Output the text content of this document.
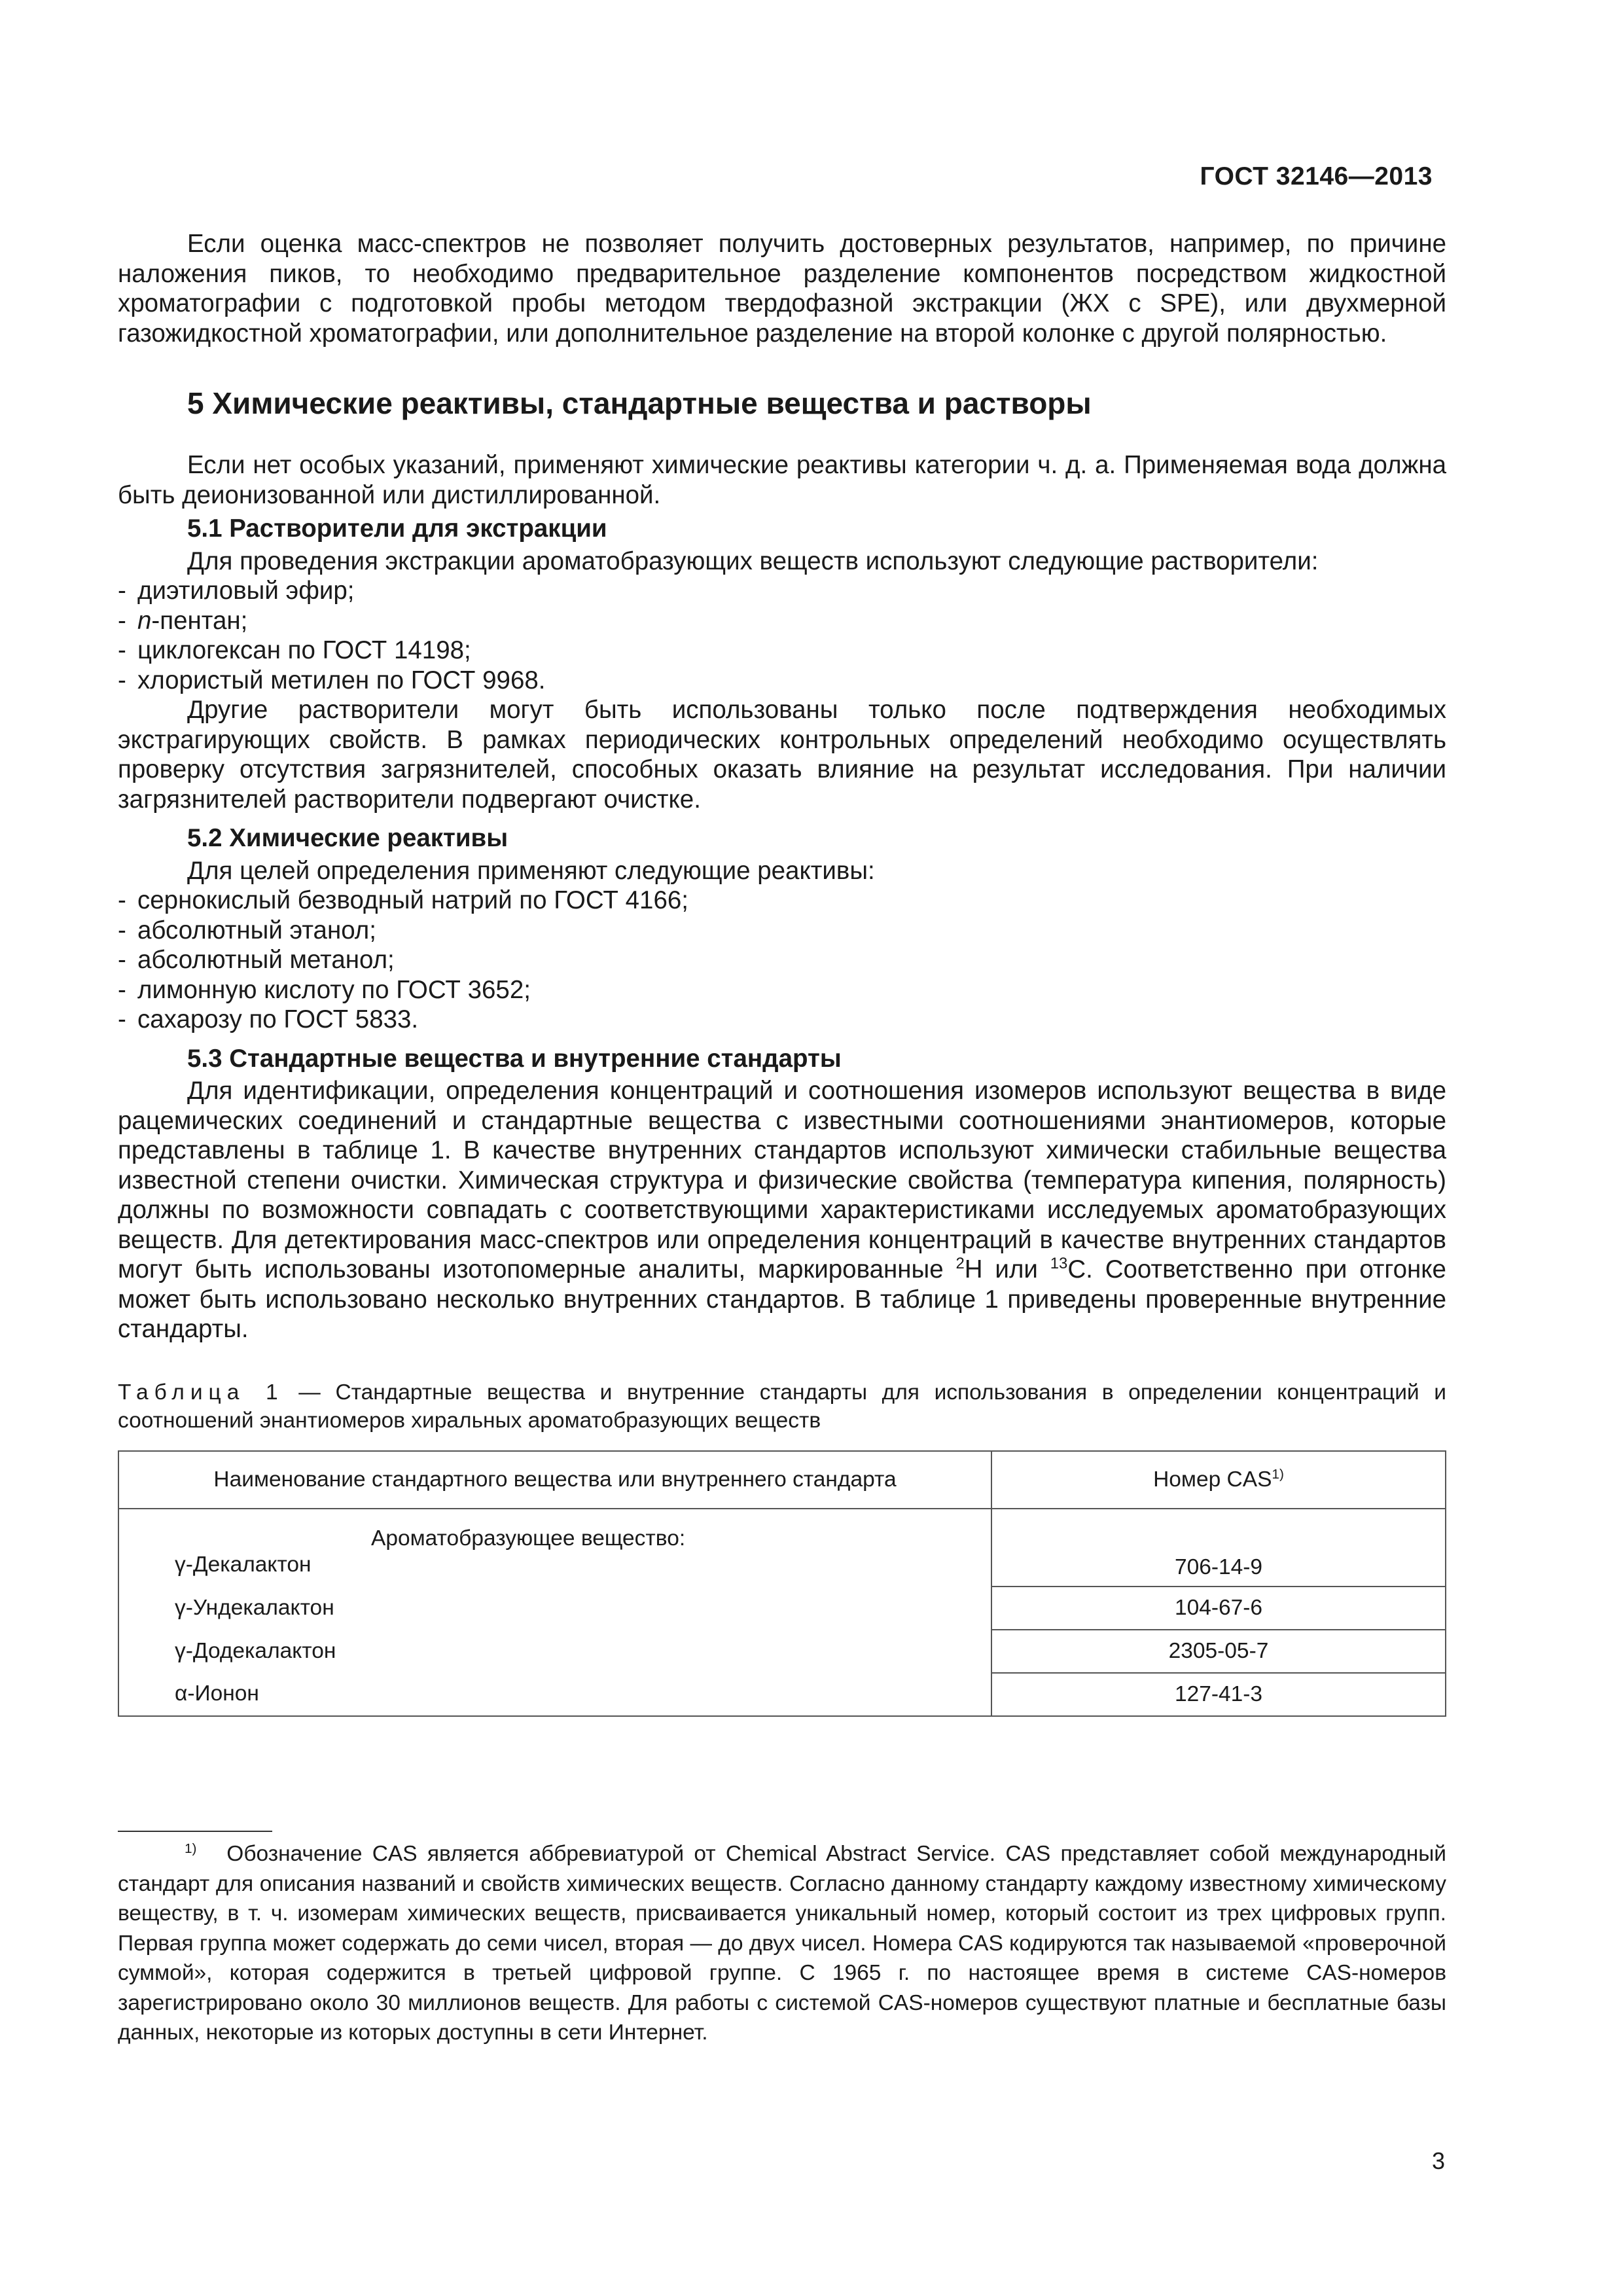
ГОСТ 32146—2013

Если оценка масс-спектров не позволяет получить достоверных результатов, например, по причине наложения пиков, то необходимо предварительное разделение компонентов посредством жидкостной хроматографии с подготовкой пробы методом твердофазной экстракции (ЖХ с SPE), или двухмерной газожидкостной хроматографии, или дополнительное разделение на второй колонке с другой полярностью.

5 Химические реактивы, стандартные вещества и растворы

Если нет особых указаний, применяют химические реактивы категории ч. д. а. Применяемая вода должна быть деионизованной или дистиллированной.

5.1 Растворители для экстракции

Для проведения экстракции ароматобразующих веществ используют следующие растворители:

- диэтиловый эфир;
- n-пентан;
- циклогексан по ГОСТ 14198;
- хлористый метилен по ГОСТ 9968.

Другие растворители могут быть использованы только после подтверждения необходимых экстрагирующих свойств. В рамках периодических контрольных определений необходимо осуществлять проверку отсутствия загрязнителей, способных оказать влияние на результат исследования. При наличии загрязнителей растворители подвергают очистке.

5.2 Химические реактивы

Для целей определения применяют следующие реактивы:

- сернокислый безводный натрий по ГОСТ 4166;
- абсолютный этанол;
- абсолютный метанол;
- лимонную кислоту по ГОСТ 3652;
- сахарозу по ГОСТ 5833.
5.3 Стандартные вещества и внутренние стандарты

Для идентификации, определения концентраций и соотношения изомеров используют вещества в виде рацемических соединений и стандартные вещества с известными соотношениями энантиомеров, которые представлены в таблице 1. В качестве внутренних стандартов используют химически стабильные вещества известной степени очистки. Химическая структура и физические свойства (температура кипения, полярность) должны по возможности совпадать с соответствующими характеристиками исследуемых ароматобразующих веществ. Для детектирования масс-спектров или определения концентраций в качестве внутренних стандартов могут быть использованы изотопомерные аналиты, маркированные $^2$H или $^{13}$C. Соответственно при отгонке может быть использовано несколько внутренних стандартов. В таблице 1 приведены проверенные внутренние стандарты.

Таблица 1 — Стандартные вещества и внутренние стандарты для использования в определении концентраций и соотношений энантиомеров хиральных ароматобразующих веществ
Наименование стандартного вещества или внутреннего стандарта	Номер CAS$^{1)}$

Ароматобразующее вещество:
γ-Декалактон	706-14-9
γ-Ундекалактон	104-67-6
γ-Додекалактон	2305-05-7
α-Ионон	127-41-3
$^{1)}$ Обозначение CAS является аббревиатурой от Chemical Abstract Service. CAS представляет собой международный стандарт для описания названий и свойств химических веществ. Согласно данному стандарту каждому известному химическому веществу, в т. ч. изомерам химических веществ, присваивается уникальный номер, который состоит из трех цифровых групп. Первая группа может содержать до семи чисел, вторая — до двух чисел. Номера CAS кодируются так называемой «проверочной суммой», которая содержится в третьей цифровой группе. С 1965 г. по настоящее время в системе CAS-номеров зарегистрировано около 30 миллионов веществ. Для работы с системой CAS-номеров существуют платные и бесплатные базы данных, некоторые из которых доступны в сети Интернет.
3
